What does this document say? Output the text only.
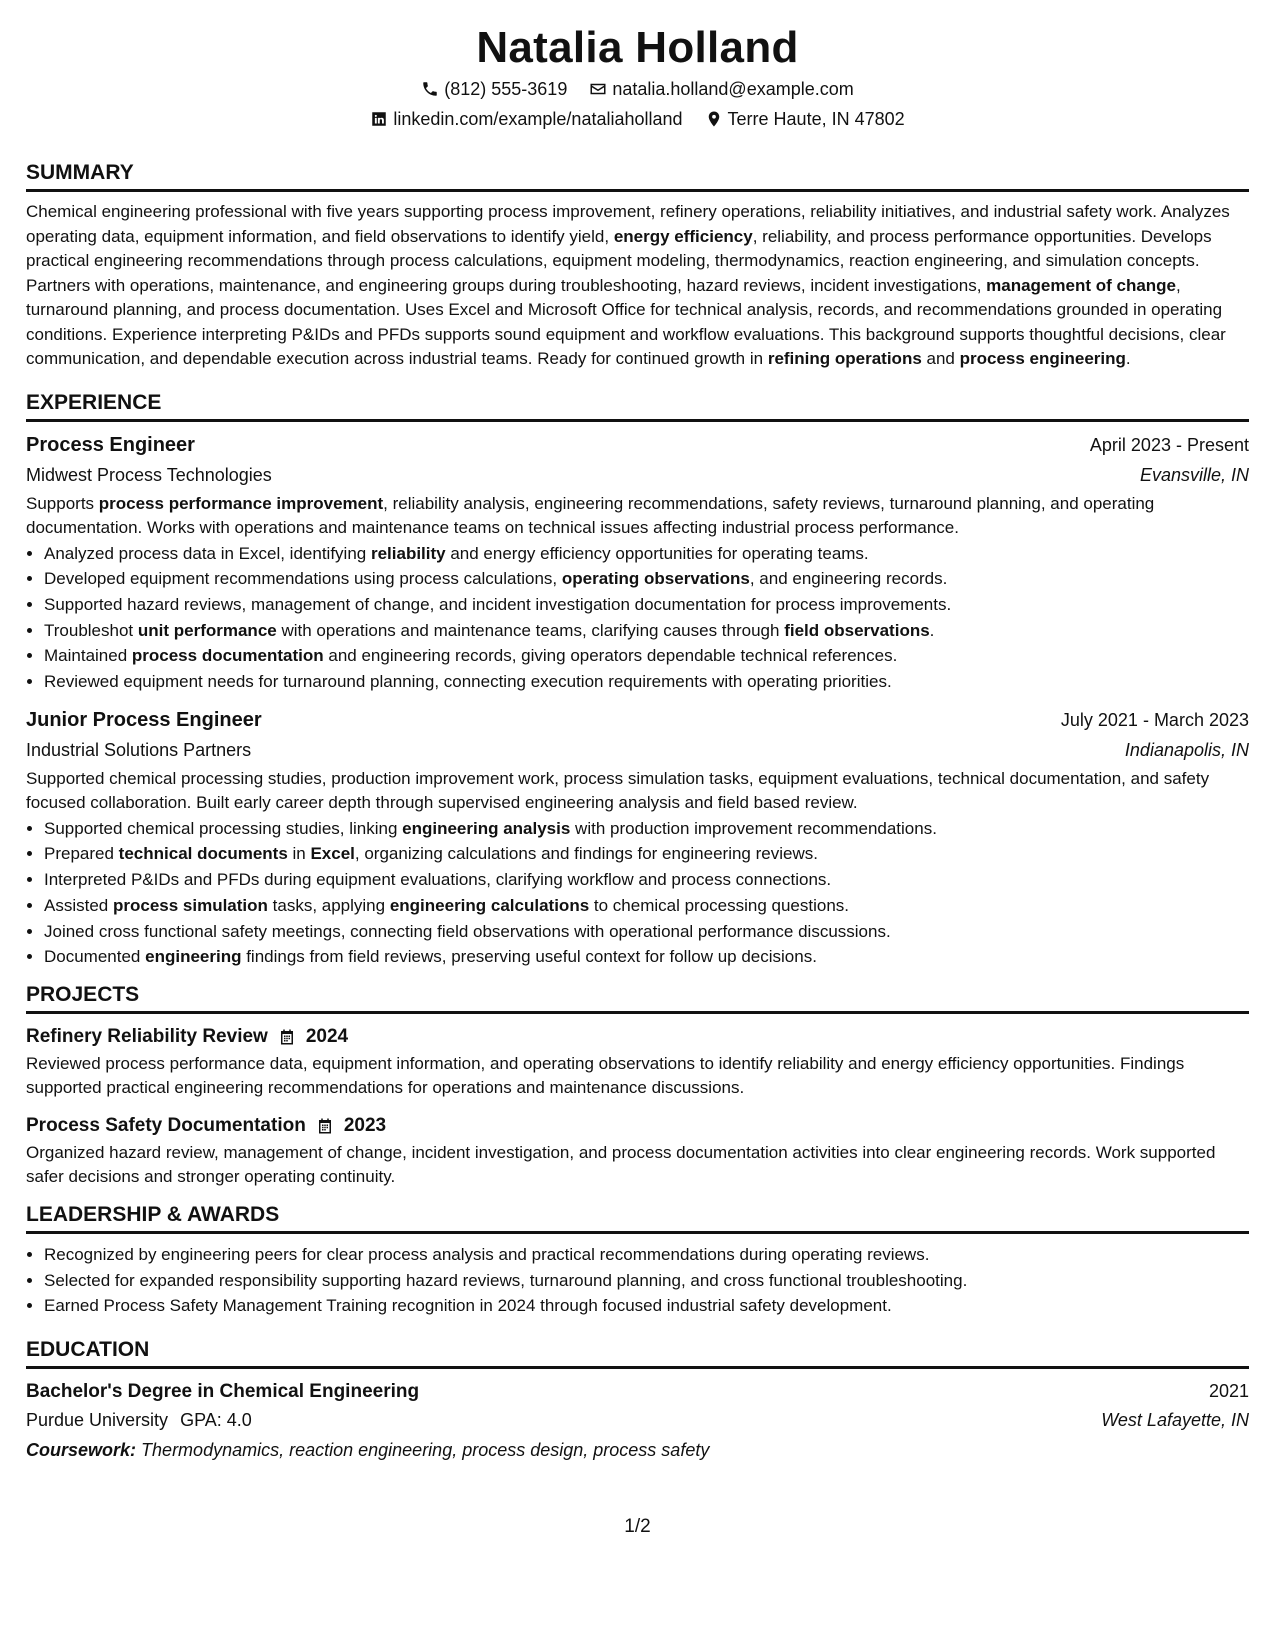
Natalia Holland
(812) 555-3619	natalia.holland@example.com
linkedin.com/example/nataliaholland	Terre Haute, IN 47802
SUMMARY

Chemical engineering professional with five years supporting process improvement, refinery operations, reliability initiatives, and industrial safety work. Analyzes operating data, equipment information, and field observations to identify yield, energy efficiency, reliability, and process performance opportunities. Develops practical engineering recommendations through process calculations, equipment modeling, thermodynamics, reaction engineering, and simulation concepts. Partners with operations, maintenance, and engineering groups during troubleshooting, hazard reviews, incident investigations, management of change, turnaround planning, and process documentation. Uses Excel and Microsoft Office for technical analysis, records, and recommendations grounded in operating conditions. Experience interpreting P&IDs and PFDs supports sound equipment and workflow evaluations. This background supports thoughtful decisions, clear communication, and dependable execution across industrial teams. Ready for continued growth in refining operations and process engineering.

EXPERIENCE
Process Engineer	April 2023 - Present
Midwest Process Technologies	Evansville, IN

Supports process performance improvement, reliability analysis, engineering recommendations, safety reviews, turnaround planning, and operating documentation. Works with operations and maintenance teams on technical issues affecting industrial process performance.

• Analyzed process data in Excel, identifying reliability and energy efficiency opportunities for operating teams.
• Developed equipment recommendations using process calculations, operating observations, and engineering records.
• Supported hazard reviews, management of change, and incident investigation documentation for process improvements.
• Troubleshot unit performance with operations and maintenance teams, clarifying causes through field observations.
• Maintained process documentation and engineering records, giving operators dependable technical references.
• Reviewed equipment needs for turnaround planning, connecting execution requirements with operating priorities.
Junior Process Engineer	July 2021 - March 2023
Industrial Solutions Partners	Indianapolis, IN

Supported chemical processing studies, production improvement work, process simulation tasks, equipment evaluations, technical documentation, and safety focused collaboration. Built early career depth through supervised engineering analysis and field based review.

• Supported chemical processing studies, linking engineering analysis with production improvement recommendations.
• Prepared technical documents in Excel, organizing calculations and findings for engineering reviews.
• Interpreted P&IDs and PFDs during equipment evaluations, clarifying workflow and process connections.
• Assisted process simulation tasks, applying engineering calculations to chemical processing questions.
• Joined cross functional safety meetings, connecting field observations with operational performance discussions.
• Documented engineering findings from field reviews, preserving useful context for follow up decisions.
PROJECTS
Refinery Reliability Review 2024

Reviewed process performance data, equipment information, and operating observations to identify reliability and energy efficiency opportunities. Findings supported practical engineering recommendations for operations and maintenance discussions.

Process Safety Documentation 2023

Organized hazard review, management of change, incident investigation, and process documentation activities into clear engineering records. Work supported safer decisions and stronger operating continuity.

LEADERSHIP & AWARDS
• Recognized by engineering peers for clear process analysis and practical recommendations during operating reviews.
• Selected for expanded responsibility supporting hazard reviews, turnaround planning, and cross functional troubleshooting.
• Earned Process Safety Management Training recognition in 2024 through focused industrial safety development.
EDUCATION
Bachelor's Degree in Chemical Engineering	2021
Purdue University GPA: 4.0	West Lafayette, IN
Coursework: Thermodynamics, reaction engineering, process design, process safety
1/2
